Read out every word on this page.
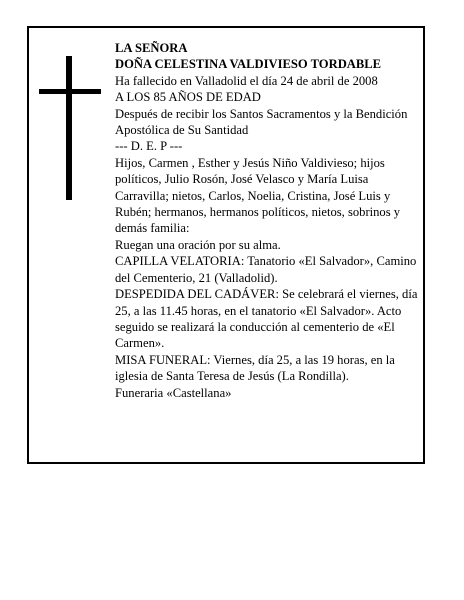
LA SEÑORA

DOÑA CELESTINA VALDIVIESO TORDABLE

Ha fallecido en Valladolid el día 24 de abril de 2008

A LOS 85 AÑOS DE EDAD

Después de recibir los Santos Sacramentos y la Bendición Apostólica de Su Santidad

--- D. E. P ---

Hijos, Carmen , Esther y Jesús Niño Valdivieso; hijos políticos, Julio Rosón, José Velasco y María Luisa Carravilla; nietos, Carlos, Noelia, Cristina, José Luis y Rubén; hermanos, hermanos políticos, nietos, sobrinos y demás familia:

Ruegan una oración por su alma.

CAPILLA VELATORIA: Tanatorio «El Salvador», Camino del Cementerio, 21 (Valladolid).

DESPEDIDA DEL CADÁVER: Se celebrará el viernes, día 25, a las 11.45 horas, en el tanatorio «El Salvador». Acto seguido se realizará la conducción al cementerio de «El Carmen».

MISA FUNERAL: Viernes, día 25, a las 19 horas, en la iglesia de Santa Teresa de Jesús (La Rondilla).

Funeraria «Castellana»
